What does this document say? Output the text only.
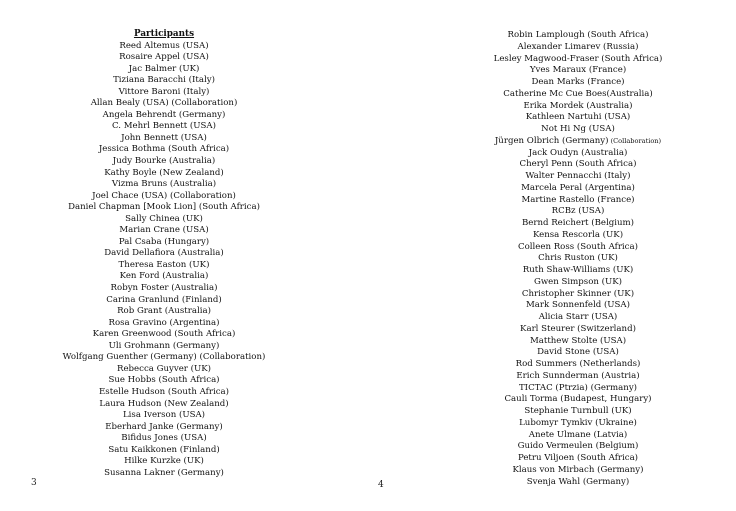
Participants
Reed Altemus (USA)
Rosaire Appel (USA)
Jac Balmer (UK)
Tiziana Baracchi (Italy)
Vittore Baroni (Italy)
Allan Bealy (USA) (Collaboration)
Angela Behrendt (Germany)
C. Mehrl Bennett (USA)
John Bennett (USA)
Jessica Bothma (South Africa)
Judy Bourke (Australia)
Kathy Boyle (New Zealand)
Vizma Bruns (Australia)
Joel Chace (USA) (Collaboration)
Daniel Chapman [Mook Lion] (South Africa)
Sally Chinea (UK)
Marian Crane (USA)
Pal Csaba (Hungary)
David Dellafiora (Australia)
Theresa Easton (UK)
Ken Ford (Australia)
Robyn Foster (Australia)
Carina Granlund (Finland)
Rob Grant (Australia)
Rosa Gravino (Argentina)
Karen Greenwood (South Africa)
Uli Grohmann (Germany)
Wolfgang Guenther (Germany) (Collaboration)
Rebecca Guyver (UK)
Sue Hobbs (South Africa)
Estelle Hudson (South Africa)
Laura Hudson (New Zealand)
Lisa Iverson (USA)
Eberhard Janke (Germany)
Bifidus Jones (USA)
Satu Kaikkonen (Finland)
Hilke Kurzke (UK)
Susanna Lakner (Germany)
3
Robin Lamplough (South Africa)
Alexander Limarev (Russia)
Lesley Magwood-Fraser (South Africa)
Yves Maraux (France)
Dean Marks (France)
Catherine Mc Cue Boes(Australia)
Erika Mordek (Australia)
Kathleen Nartuhi (USA)
Not Hi Ng (USA)
Jürgen Olbrich (Germany) (Collaboration)
Jack Oudyn (Australia)
Cheryl Penn (South Africa)
Walter Pennacchi (Italy)
Marcela Peral (Argentina)
Martine Rastello (France)
RCBz (USA)
Bernd Reichert (Belgium)
Kensa Rescorla (UK)
Colleen Ross (South Africa)
Chris Ruston (UK)
Ruth Shaw-Williams (UK)
Gwen Simpson (UK)
Christopher Skinner (UK)
Mark Sonnenfeld (USA)
Alicia Starr (USA)
Karl Steurer (Switzerland)
Matthew Stolte (USA)
David Stone (USA)
Rod Summers (Netherlands)
Erich Sunnderman (Austria)
TICTAC (Ptrzia) (Germany)
Cauli Torma (Budapest, Hungary)
Stephanie Turnbull (UK)
Lubomyr Tymkiv (Ukraine)
Anete Ulmane (Latvia)
Guido Vermeulen (Belgium)
Petru Viljoen (South Africa)
Klaus von Mirbach (Germany)
Svenja Wahl (Germany)
4
